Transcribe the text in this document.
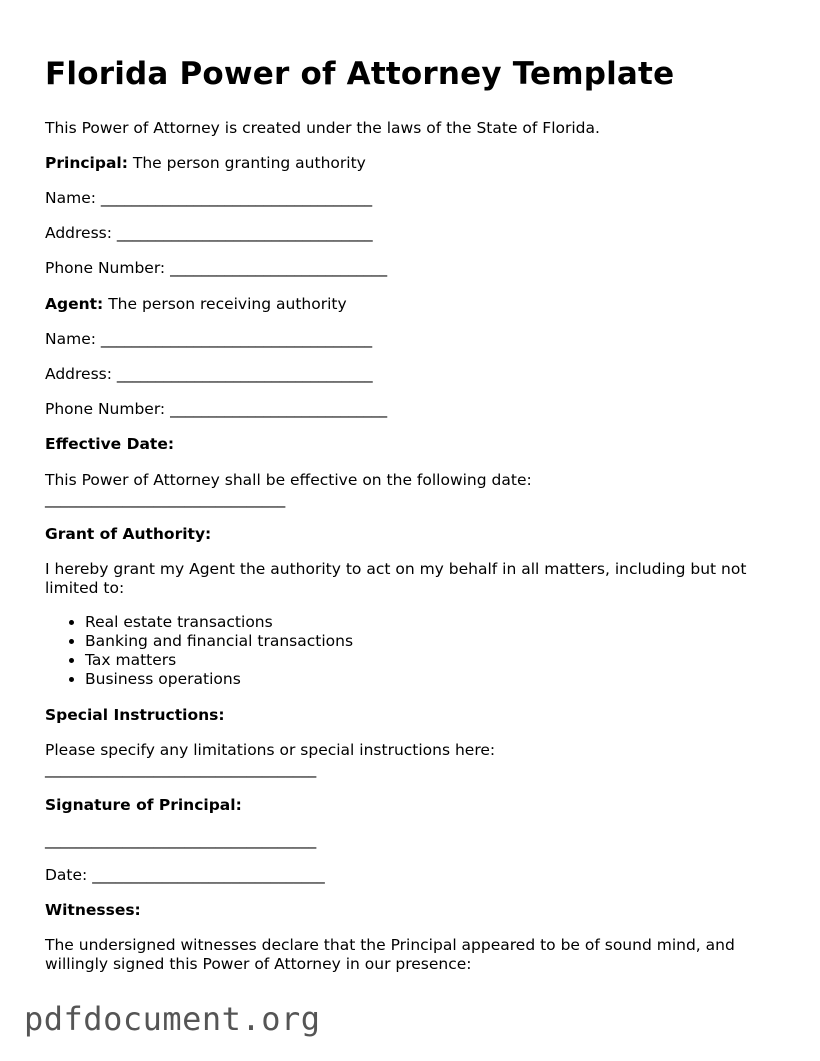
Florida Power of Attorney Template
This Power of Attorney is created under the laws of the State of Florida.
Principal: The person granting authority
Name: ___________________________________
Address: _________________________________
Phone Number: ____________________________
Agent: The person receiving authority
Name: ___________________________________
Address: _________________________________
Phone Number: ____________________________
Effective Date:
This Power of Attorney shall be effective on the following date:
_______________________________
Grant of Authority:
I hereby grant my Agent the authority to act on my behalf in all matters, including but not limited to:
• Real estate transactions
• Banking and financial transactions
• Tax matters
• Business operations
Special Instructions:
Please specify any limitations or special instructions here:
___________________________________
Signature of Principal:
___________________________________
Date: ______________________________
Witnesses:
The undersigned witnesses declare that the Principal appeared to be of sound mind, and willingly signed this Power of Attorney in our presence:
pdfdocument.org
